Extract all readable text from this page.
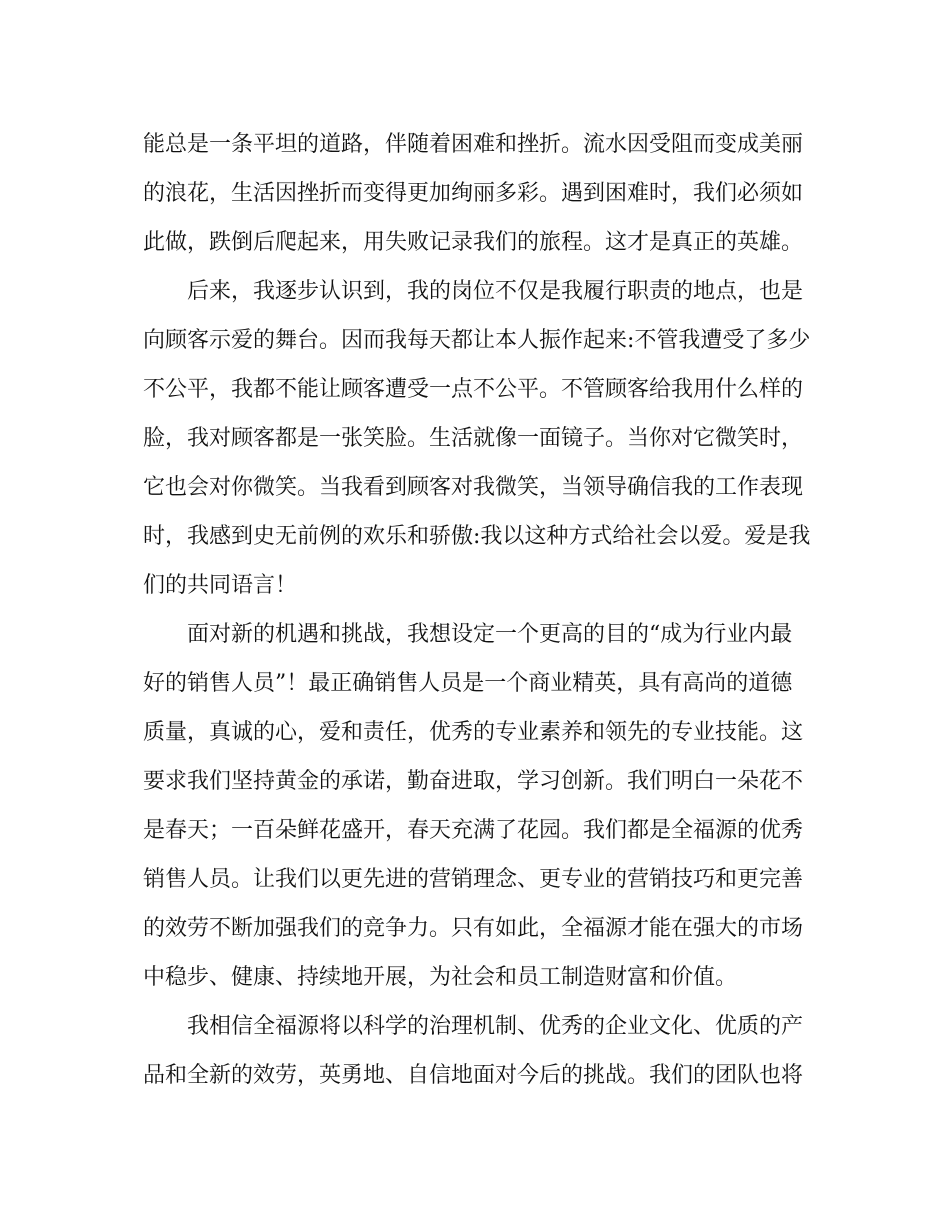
能总是一条平坦的道路，伴随着困难和挫折。流水因受阻而变成美丽
的浪花，生活因挫折而变得更加绚丽多彩。遇到困难时，我们必须如
此做，跌倒后爬起来，用失败记录我们的旅程。这才是真正的英雄。
后来，我逐步认识到，我的岗位不仅是我履行职责的地点，也是
向顾客示爱的舞台。因而我每天都让本人振作起来:不管我遭受了多少
不公平，我都不能让顾客遭受一点不公平。不管顾客给我用什么样的
脸，我对顾客都是一张笑脸。生活就像一面镜子。当你对它微笑时，
它也会对你微笑。当我看到顾客对我微笑，当领导确信我的工作表现
时，我感到史无前例的欢乐和骄傲:我以这种方式给社会以爱。爱是我
们的共同语言！
面对新的机遇和挑战，我想设定一个更高的目的“成为行业内最
好的销售人员”！最正确销售人员是一个商业精英，具有高尚的道德
质量，真诚的心，爱和责任，优秀的专业素养和领先的专业技能。这
要求我们坚持黄金的承诺，勤奋进取，学习创新。我们明白一朵花不
是春天；一百朵鲜花盛开，春天充满了花园。我们都是全福源的优秀
销售人员。让我们以更先进的营销理念、更专业的营销技巧和更完善
的效劳不断加强我们的竞争力。只有如此，全福源才能在强大的市场
中稳步、健康、持续地开展，为社会和员工制造财富和价值。
我相信全福源将以科学的治理机制、优秀的企业文化、优质的产
品和全新的效劳，英勇地、自信地面对今后的挑战。我们的团队也将
